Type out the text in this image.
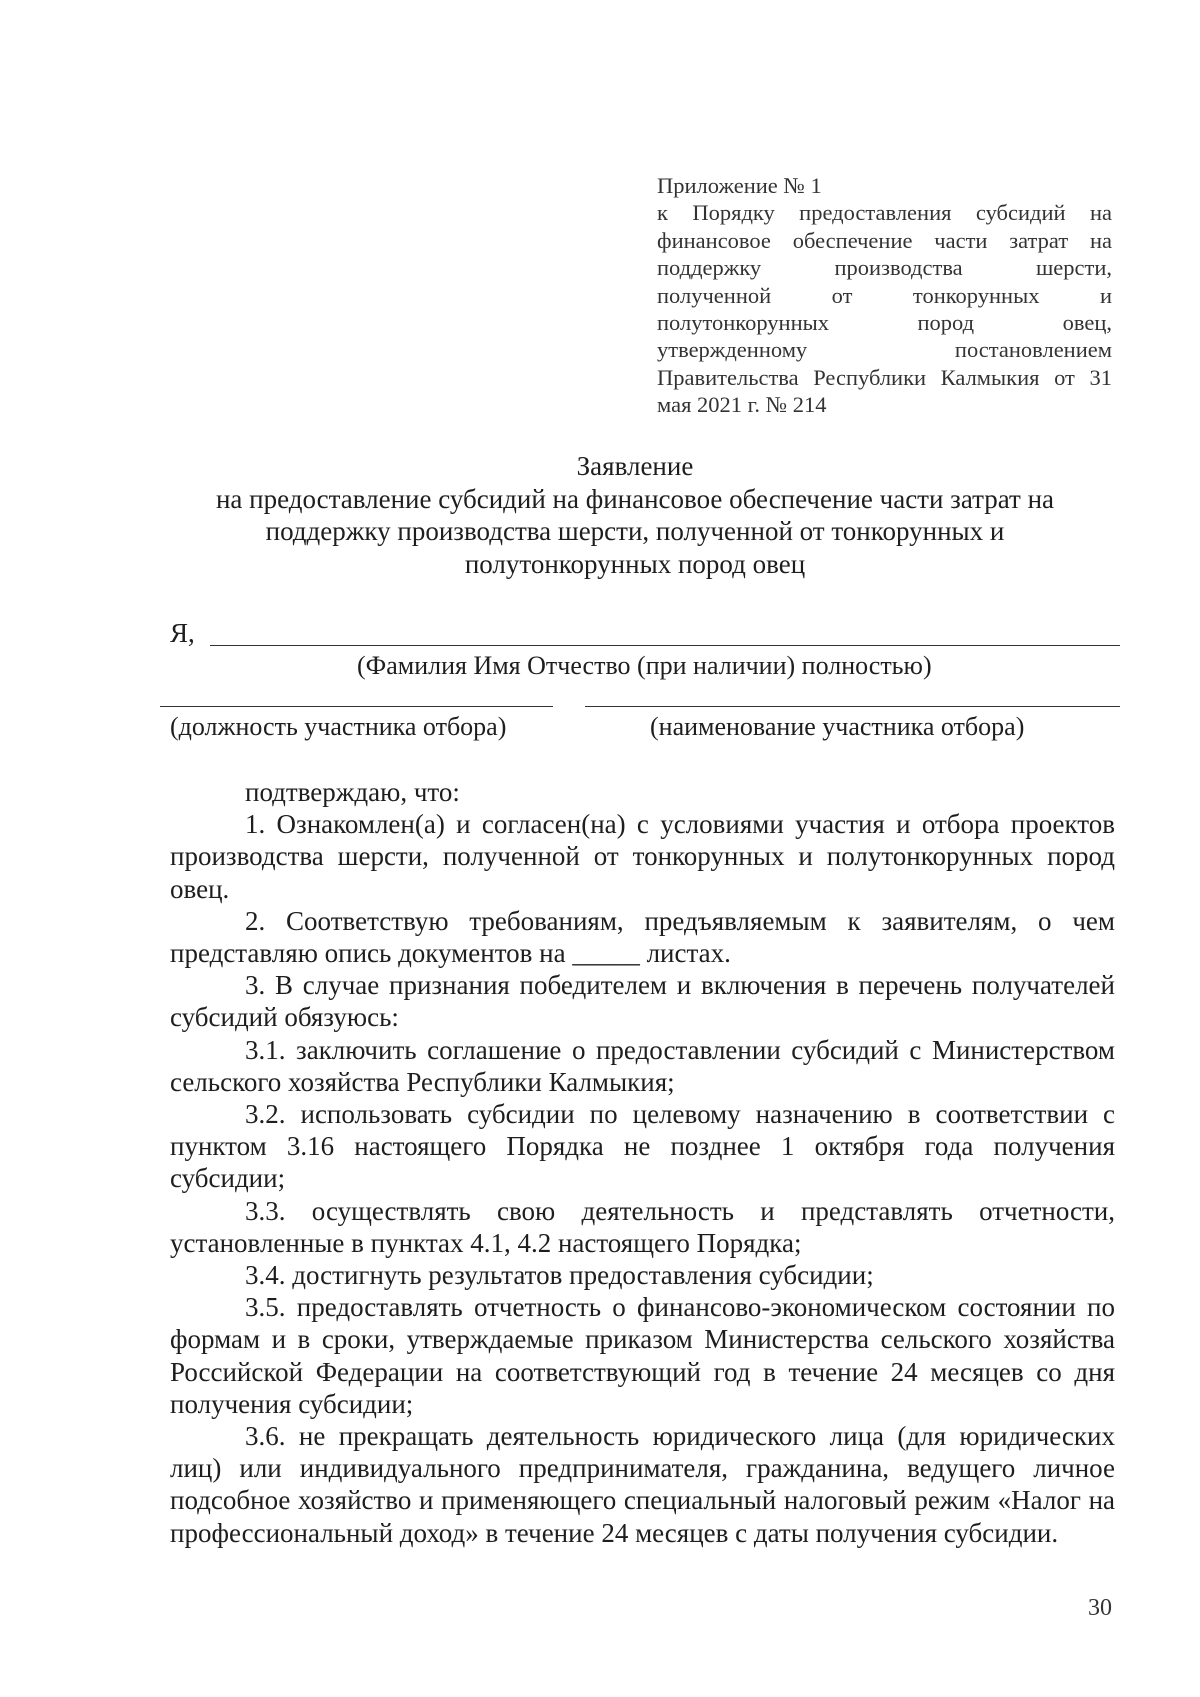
Приложение № 1
к Порядку предоставления субсидий на
финансовое обеспечение части затрат на
поддержку производства шерсти,
полученной от тонкорунных и
полутонкорунных пород овец,
утвержденному постановлением
Правительства Республики Калмыкия от 31
мая 2021 г. № 214
Заявление
на предоставление субсидий на финансовое обеспечение части затрат на
поддержку производства шерсти, полученной от тонкорунных и
полутонкорунных пород овец
Я,
(Фамилия Имя Отчество (при наличии) полностью)
(должность участника отбора)	(наименование участника отбора)

подтверждаю, что:

1. Ознакомлен(а) и согласен(на) с условиями участия и отбора проектов производства шерсти, полученной от тонкорунных и полутонкорунных пород овец.

2. Соответствую требованиям, предъявляемым к заявителям, о чем представляю опись документов на _____ листах.

3. В случае признания победителем и включения в перечень получателей субсидий обязуюсь:

3.1. заключить соглашение о предоставлении субсидий с Министерством сельского хозяйства Республики Калмыкия;

3.2. использовать субсидии по целевому назначению в соответствии с пунктом 3.16 настоящего Порядка не позднее 1 октября года получения субсидии;

3.3. осуществлять свою деятельность и представлять отчетности, установленные в пунктах 4.1, 4.2 настоящего Порядка;

3.4. достигнуть результатов предоставления субсидии;

3.5. предоставлять отчетность о финансово-экономическом состоянии по формам и в сроки, утверждаемые приказом Министерства сельского хозяйства Российской Федерации на соответствующий год в течение 24 месяцев со дня получения субсидии;

3.6. не прекращать деятельность юридического лица (для юридических лиц) или индивидуального предпринимателя, гражданина, ведущего личное подсобное хозяйство и применяющего специальный налоговый режим «Налог на профессиональный доход» в течение 24 месяцев с даты получения субсидии.

30
